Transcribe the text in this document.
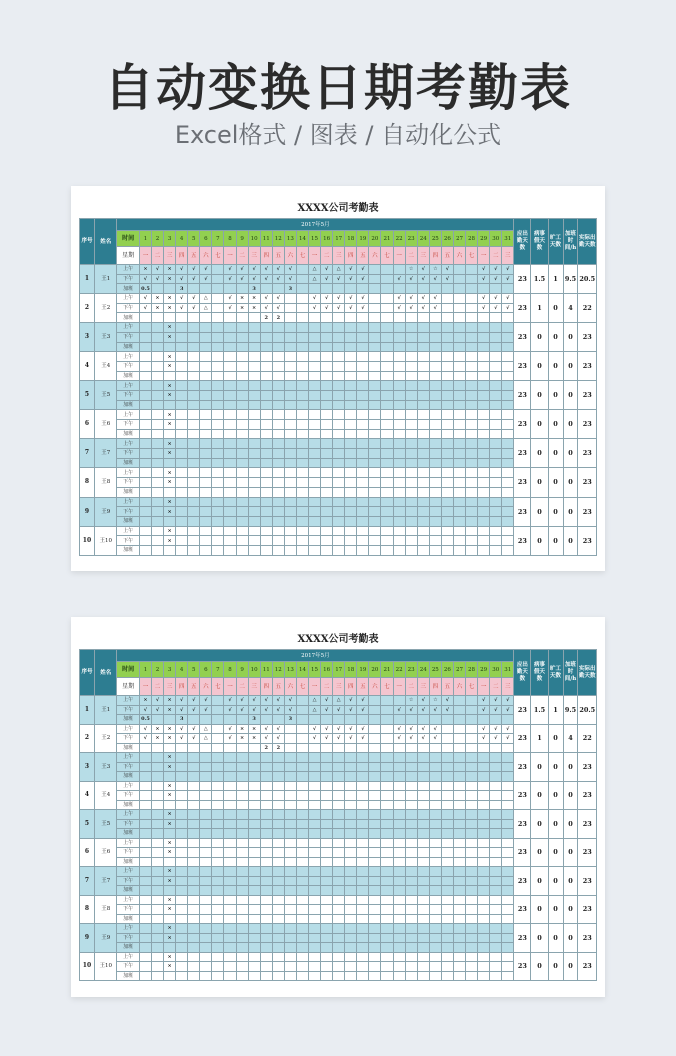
自动变换日期考勤表
Excel格式 / 图表 / 自动化公式
XXXX公司考勤表
序号	姓名	2017年5月																																应出勤天数	病事假天数	旷工天数	加班时间/h	实际出勤天数
		时间	1	2	3	4	5	6	7	8	9	10	11	12	13	14	15	16	17	18	19	20	21	22	23	24	25	26	27	28	29	30	31					
		星期	一	二	三	四	五	六	七	一	二	三	四	五	六	七	一	二	三	四	五	六	七	一	二	三	四	五	六	七	一	二	三					
1	王1	上午	×	√	×	√	√	√		√	√	√	√	√	√		△	√	△	√	√				☆	√	☆	√			√	√	√	23	1.5	1	9.5	20.5
		下午	√	√	×	√	√	√		√	√	√	√	√	√		△	√	√	√	√			√	√	√	√	√			√	√	√					
		加班	0.5			3						3			3																							
2	王2	上午	√	×	×	√	√	△		√	×	×	√	√			√	√	√	√	√			√	√	√	√				√	√	√	23	1	0	4	22
		下午	√	×	×	√	√	△		√	×	×	√	√			√	√	√	√	√			√	√	√	√				√	√	√					
		加班											2	2																								
3	王3	上午			×																													23	0	0	0	23
		下午			×																																	
		加班																																				
4	王4	上午			×																													23	0	0	0	23
		下午			×																																	
		加班																																				
5	王5	上午			×																													23	0	0	0	23
		下午			×																																	
		加班																																				
6	王6	上午			×																													23	0	0	0	23
		下午			×																																	
		加班																																				
7	王7	上午			×																													23	0	0	0	23
		下午			×																																	
		加班																																				
8	王8	上午			×																													23	0	0	0	23
		下午			×																																	
		加班																																				
9	王9	上午			×																													23	0	0	0	23
		下午			×																																	
		加班																																				
10	王10	上午			×																													23	0	0	0	23
		下午			×																																	
		加班																																				
XXXX公司考勤表
序号	姓名	2017年5月																																应出勤天数	病事假天数	旷工天数	加班时间/h	实际出勤天数
		时间	1	2	3	4	5	6	7	8	9	10	11	12	13	14	15	16	17	18	19	20	21	22	23	24	25	26	27	28	29	30	31					
		星期	一	二	三	四	五	六	七	一	二	三	四	五	六	七	一	二	三	四	五	六	七	一	二	三	四	五	六	七	一	二	三					
1	王1	上午	×	√	×	√	√	√		√	√	√	√	√	√		△	√	△	√	√				☆	√	☆	√			√	√	√	23	1.5	1	9.5	20.5
		下午	√	√	×	√	√	√		√	√	√	√	√	√		△	√	√	√	√			√	√	√	√	√			√	√	√					
		加班	0.5			3						3			3																							
2	王2	上午	√	×	×	√	√	△		√	×	×	√	√			√	√	√	√	√			√	√	√	√				√	√	√	23	1	0	4	22
		下午	√	×	×	√	√	△		√	×	×	√	√			√	√	√	√	√			√	√	√	√				√	√	√					
		加班											2	2																								
3	王3	上午			×																													23	0	0	0	23
		下午			×																																	
		加班																																				
4	王4	上午			×																													23	0	0	0	23
		下午			×																																	
		加班																																				
5	王5	上午			×																													23	0	0	0	23
		下午			×																																	
		加班																																				
6	王6	上午			×																													23	0	0	0	23
		下午			×																																	
		加班																																				
7	王7	上午			×																													23	0	0	0	23
		下午			×																																	
		加班																																				
8	王8	上午			×																													23	0	0	0	23
		下午			×																																	
		加班																																				
9	王9	上午			×																													23	0	0	0	23
		下午			×																																	
		加班																																				
10	王10	上午			×																													23	0	0	0	23
		下午			×																																	
		加班																																				
